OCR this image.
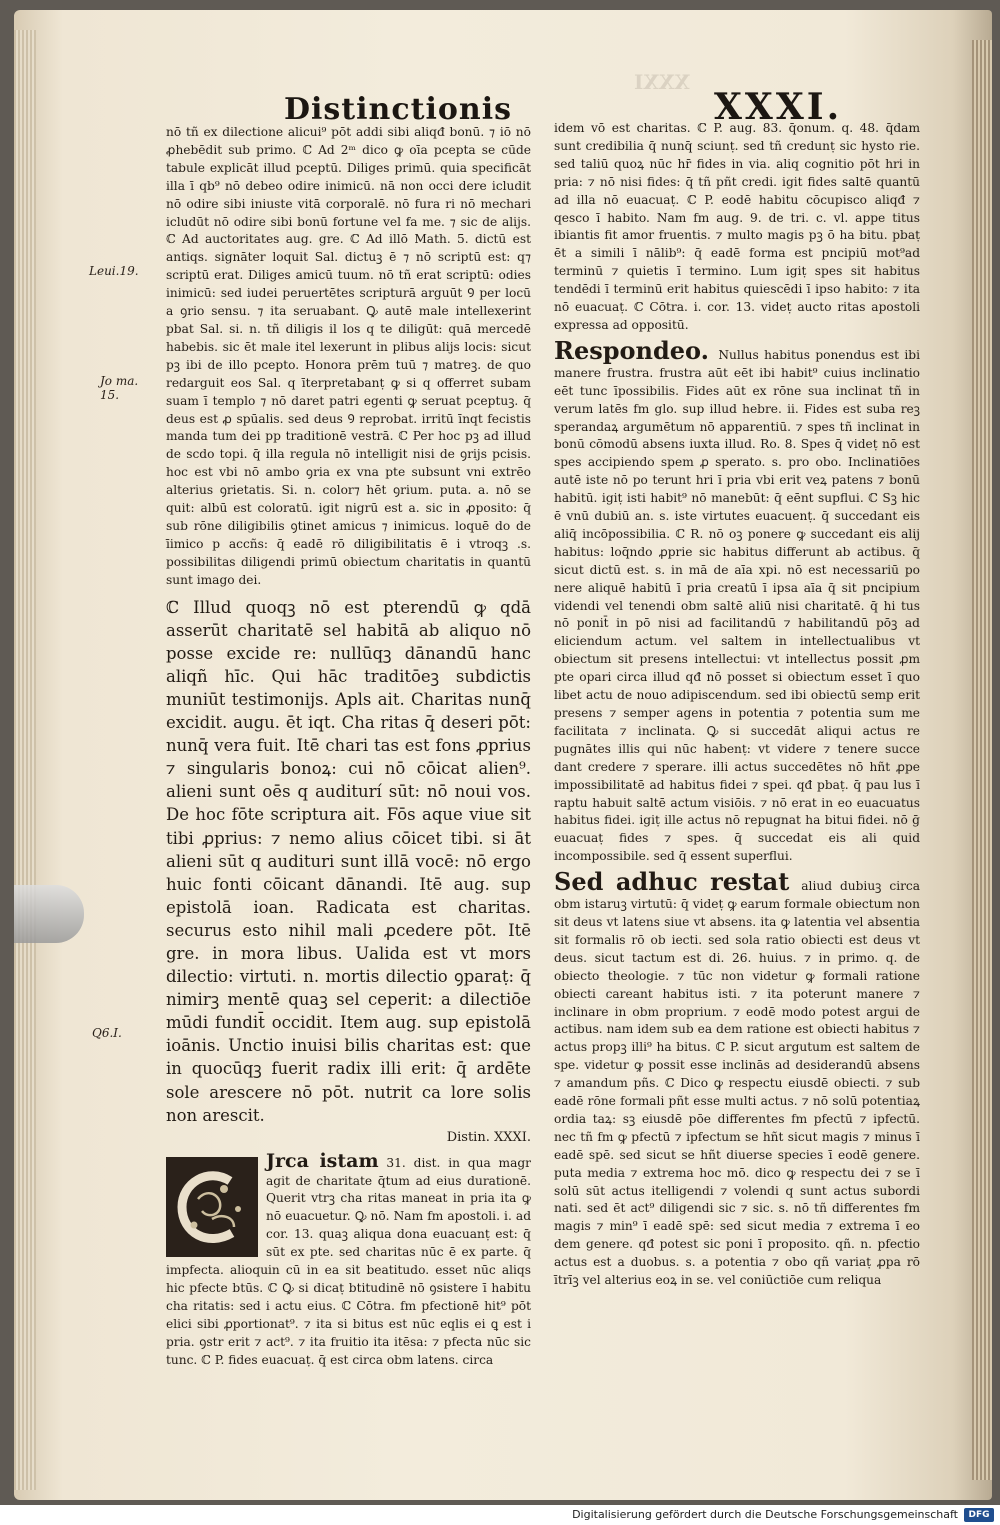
XXXI
Distinctionis	XXXI.
Leui.19.
Jo ma. 15.
Q6.I.

nō tñ ex dilectione alicui⁹ pōt addi sibi aliqđ bonū. ⁊ iō nō ꝓhebēdit sub primo. ℂ Ad 2ᵐ dico ꝙ oīa pcepta se cūde tabule explicāt illud pceptū. Diliges primū. quia specificāt illa ī qb⁹ nō debeo odire inimicū. nā non occi dere icludit nō odire sibi iniuste vitā corporalē. nō fura ri nō mechari icludūt nō odire sibi bonū fortune vel fa me. ⁊ sic de alijs. ℂ Ad auctoritates aug. gre. ℂ Ad illō Math. 5. dictū est antiqs. signāter loquit Sal. dictuꝫ ē ⁊ nō scriptū est: q⁊ scriptū erat. Diliges amicū tuum. nō tñ erat scriptū: odies inimicū: sed iudei peruertētes scripturā arguūt Ꝯ per locū a ꝯrio sensu. ⁊ ita seruabant. Ꝙ autē male intellexerint pbat Sal. si. n. tñ diligis il los q te diligūt: quā mercedē habebis. sic ēt male itel lexerunt in plibus alijs locis: sicut pꝫ ibi de illo pcepto. Honora prēm tuū ⁊ matreꝫ. de quo redarguit eos Sal. q īterpretabanṭ ꝙ si q offerret subam suam ī templo ⁊ nō daret patri egenti ꝙ seruat pceptuꝫ. q̄ deus est ꝓ spūalis. sed deus Ꝯ reprobat. irritū īnqt fecistis manda tum dei pp traditionē vestrā. ℂ Per hoc pꝫ ad illud de scdo topi. q̄ illa regula nō intelligit nisi de ꝯrijs pcisis. hoc est vbi nō ambo ꝯria ex vna pte subsunt vni extrēo alterius ꝯrietatis. Si. n. color⁊ hēt ꝯrium. puta. a. nō se quit: albū est coloratū. igit nigrū est a. sic in ꝓposito: q̄ sub rōne diligibilis ꝯtinet amicus ⁊ inimicus. loquē do de īimico p accñs: q̄ eadē rō diligibilitatis ē i vtroqꝫ .s. possibilitas diligendi primū obiectum charitatis in quantū sunt imago dei.

ℂ Illud quoqꝫ nō est pterendū ꝙ qdā asserūt charitatē sel habitā ab aliquo nō posse excide re: nullūqꝫ dānandū hanc aliqñ hīc. Qui hāc traditōeꝫ subdictis muniūt testimonijs. Apls ait. Charitas nunq̄ excidit. augu. ēt iqt. Cha ritas q̄ deseri pōt: nunq̄ vera fuit. Itē chari tas est fons ꝓprius ⁊ singularis bonoꝝ: cui nō cōicat alien⁹. alieni sunt oēs q auditurí sūt: nō noui vos. De hoc fōte scriptura ait. Fōs aque viue sit tibi ꝓprius: ⁊ nemo alius cōicet tibi. si āt alieni sūt q audituri sunt illā vocē: nō ergo huic fonti cōicant dānandi. Itē aug. sup epistolā ioan. Radicata est charitas. securus esto nihil mali ꝓcedere pōt. Itē gre. in mora libus. Ualida est vt mors dilectio: virtuti. n. mortis dilectio ꝯparaṭ: q̄ nimirꝫ mentē quaꝫ sel ceperit: a dilectiōe mūdi fundit̄ occidit. Item aug. sup epistolā ioānis. Unctio inuisi bilis charitas est: que in quocūqꝫ fuerit radix illi erit: q̄ ardēte sole arescere nō pōt. nutrit ca lore solis non arescit.

Distin. XXXI.

Jrca istam 31. dist. in qua magr agit de charitate q̄tum ad eius durationē. Querit vtrꝫ cha ritas maneat in pria ita ꝙ nō euacuetur. Ꝙ nō. Nam fm apostoli. i. ad cor. 13. quaꝫ aliqua dona euacuanṭ est: q̄ sūt ex pte. sed charitas nūc ē ex parte. q̄ impfecta. alioquin cū in ea sit beatitudo. esset nūc aliqs hic pfecte btūs. ℂ Ꝙ si dicaṭ btitudinē nō ꝯsistere ī habitu cha ritatis: sed i actu eius. ℂ Cōtra. fm pfectionē hit⁹ pōt elici sibi ꝓportionat⁹. ⁊ ita si bitus est nūc eqlis ei ꝗ est i pria. ꝯstr erit ⁊ act⁹. ⁊ ita fruitio ita itēsa: ⁊ pfecta nūc sic tunc. ℂ P. fides euacuaṭ. q̄ est circa obm latens. circa

idem vō est charitas. ℂ P. aug. 83. q̄onum. q. 48. q̄dam sunt credibilia q̄ nunq̄ sciunṭ. sed tñ credunṭ sic hysto rie. sed taliū quoꝝ nūc hr̄ fides in via. aliq cognitio pōt hri in pria: ⁊ nō nisi fides: q̄ tñ pñt credi. igit fides saltē quantū ad illa nō euacuaṭ. ℂ P. eodē habitu cōcupisco aliqđ ⁊ qesco ī habito. Nam fm aug. 9. de tri. c. vl. appe titus ibiantis fit amor fruentis. ⁊ multo magis pꝫ ō ha bitu. pbaṭ ēt a simili ī nālib⁹: q̄ eadē forma est pncipiū mot⁹ad terminū ⁊ quietis ī termino. Lum igiṭ spes sit habitus tendēdi ī terminū erit habitus quiescēdi ī ipso habito: ⁊ ita nō euacuaṭ. ℂ Cōtra. i. cor. 13. videṭ aucto ritas apostoli expressa ad oppositū.

Respondeo. Nullus habitus ponendus est ibi manere frustra. frustra aūt eēt ibi habit⁹ cuius inclinatio eēt tunc īpossibilis. Fides aūt ex rōne sua inclinat tñ in verum latēs fm glo. sup illud hebre. ii. Fides est suba reꝫ sperandaꝝ argumētum nō apparentiū. ⁊ spes tñ inclinat in bonū cōmodū absens iuxta illud. Ro. 8. Spes q̄ videṭ nō est spes accipiendo spem ꝓ sperato. s. pro obo. Inclinatiōes autē iste nō po terunt hri ī pria vbi erit veꝝ patens ⁊ bonū habitū. igiṭ isti habit⁹ nō manebūt: q̄ eēnt supflui. ℂ Sꝫ hic ē vnū dubiū an. s. iste virtutes euacuenṭ. q̄ succedant eis aliq̄ incōpossibilia. ℂ R. nō oꝫ ponere ꝙ succedant eis alij habitus: loq̄ndo ꝓprie sic habitus differunt ab actibus. q̄ sicut dictū est. s. in mā de aīa xpi. nō est necessariū po nere aliquē habitū ī pria creatū ī ipsa aīa q̄ sit pncipium videndi vel tenendi obm saltē aliū nisi charitatē. q̄ hi tus nō ponit̄ in pō nisi ad facilitandū ⁊ habilitandū pōꝫ ad eliciendum actum. vel saltem in intellectualibus vt obiectum sit presens intellectui: vt intellectus possit ꝓm pte opari circa illud qđ nō posset si obiectum esset ī quo libet actu de nouo adipiscendum. sed ibi obiectū semp erit presens ⁊ semper agens in potentia ⁊ potentia sum me facilitata ⁊ inclinata. Ꝙ si succedāt aliqui actus re pugnātes illis qui nūc habenṭ: vt videre ⁊ tenere succe dant credere ⁊ sperare. illi actus succedētes nō hñt ꝓpe impossibilitatē ad habitus fidei ⁊ spei. qđ pbaṭ. q̄ pau lus ī raptu habuit saltē actum visiōis. ⁊ nō erat in eo euacuatus habitus fidei. igiṭ ille actus nō repugnat ha bitui fidei. nō ḡ euacuaṭ fides ⁊ spes. q̄ succedat eis ali quid incompossibile. sed q̄ essent superflui.

Sed adhuc restat aliud dubiuꝫ circa obm istaruꝫ virtutū: q̄ videṭ ꝙ earum formale obiectum non sit deus vt latens siue vt absens. ita ꝙ latentia vel absentia sit formalis rō ob iecti. sed sola ratio obiecti est deus vt deus. sicut tactum est di. 26. huius. ⁊ in primo. q. de obiecto theologie. ⁊ tūc non videtur ꝙ formali ratione obiecti careant habitus isti. ⁊ ita poterunt manere ⁊ inclinare in obm proprium. ⁊ eodē modo potest argui de actibus. nam idem sub ea dem ratione est obiecti habitus ⁊ actus propꝫ illi⁹ ha bitus. ℂ P. sicut argutum est saltem de spe. videtur ꝙ possit esse inclinās ad desiderandū absens ⁊ amandum pñs. ℂ Dico ꝙ respectu eiusdē obiecti. ⁊ sub eadē rōne formali pñt esse multi actus. ⁊ nō solū potentiaꝝ ordia taꝝ: sꝫ eiusdē pōe differentes fm pfectū ⁊ ipfectū. nec tñ fm ꝙ pfectū ⁊ ipfectum se hñt sicut magis ⁊ minus ī eadē spē. sed sicut se hñt diuerse species ī eodē genere. puta media ⁊ extrema hoc mō. dico ꝙ respectu dei ⁊ se ī solū sūt actus itelligendi ⁊ volendi q sunt actus subordi nati. sed ēt act⁹ diligendi sic ⁊ sic. s. nō tñ differentes fm magis ⁊ min⁹ ī eadē spē: sed sicut media ⁊ extrema ī eo dem genere. qđ potest sic poni ī proposito. qñ. n. pfectio actus est a duobus. s. a potentia ⁊ obo qñ variaṭ ꝓpa rō ītrīꝫ vel alterius eoꝝ in se. vel coniūctiōe cum reliqua

Digitalisierung gefördert durch die Deutsche Forschungsgemeinschaft	DFG
